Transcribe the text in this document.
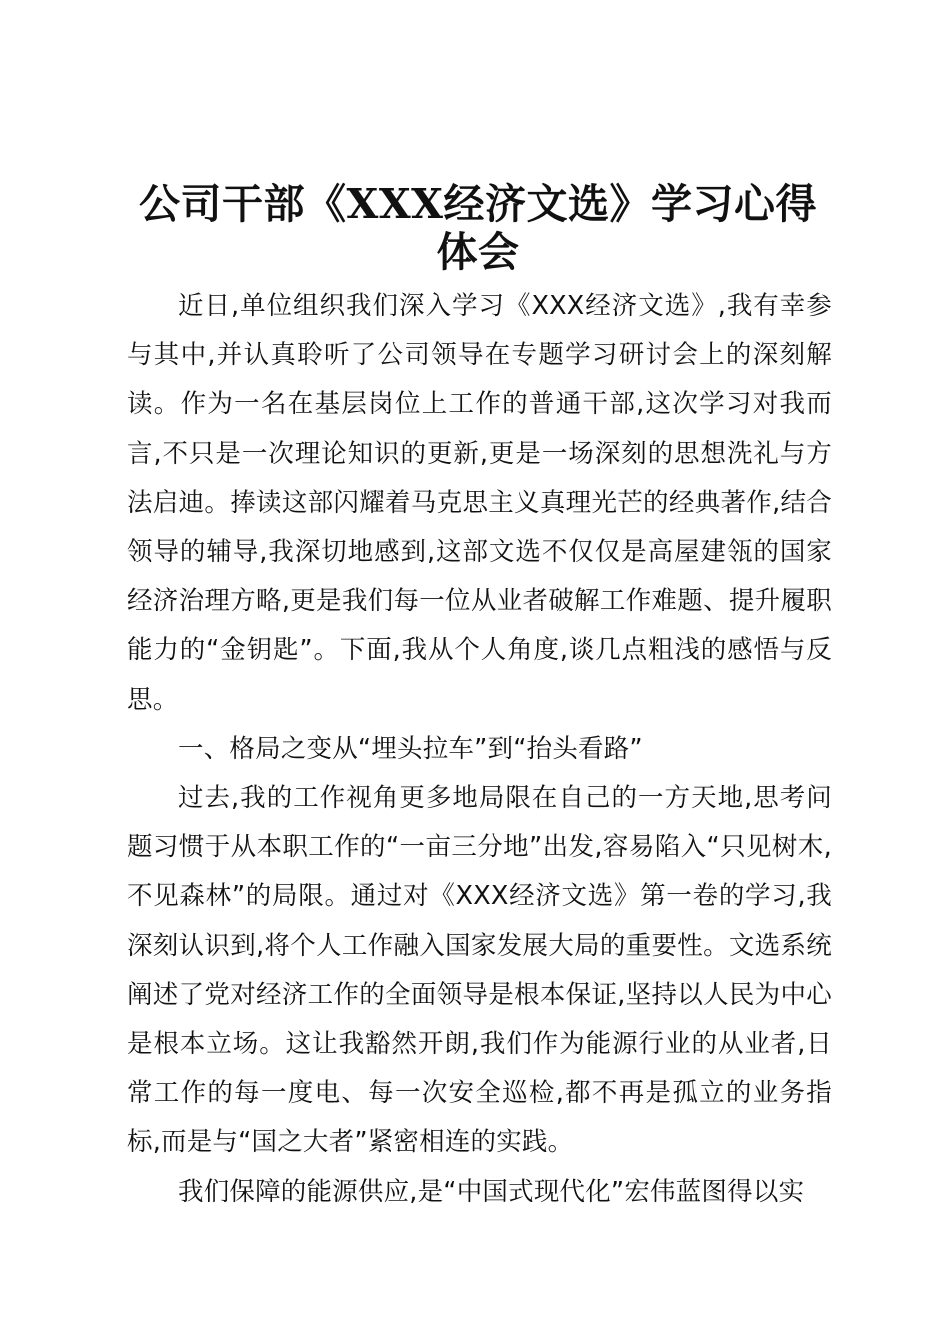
公司干部《XXX经济文选》学习心得体会

近日,单位组织我们深入学习《XXX经济文选》,我有幸参与其中,并认真聆听了公司领导在专题学习研讨会上的深刻解读。作为一名在基层岗位上工作的普通干部,这次学习对我而言,不只是一次理论知识的更新,更是一场深刻的思想洗礼与方法启迪。捧读这部闪耀着马克思主义真理光芒的经典著作,结合领导的辅导,我深切地感到,这部文选不仅仅是高屋建瓴的国家经济治理方略,更是我们每一位从业者破解工作难题、提升履职能力的“金钥匙”。下面,我从个人角度,谈几点粗浅的感悟与反思。

一、格局之变从“埋头拉车”到“抬头看路”

过去,我的工作视角更多地局限在自己的一方天地,思考问题习惯于从本职工作的“一亩三分地”出发,容易陷入“只见树木,不见森林”的局限。通过对《XXX经济文选》第一卷的学习,我深刻认识到,将个人工作融入国家发展大局的重要性。文选系统阐述了党对经济工作的全面领导是根本保证,坚持以人民为中心是根本立场。这让我豁然开朗,我们作为能源行业的从业者,日常工作的每一度电、每一次安全巡检,都不再是孤立的业务指标,而是与“国之大者”紧密相连的实践。

我们保障的能源供应,是“中国式现代化”宏伟蓝图得以实
